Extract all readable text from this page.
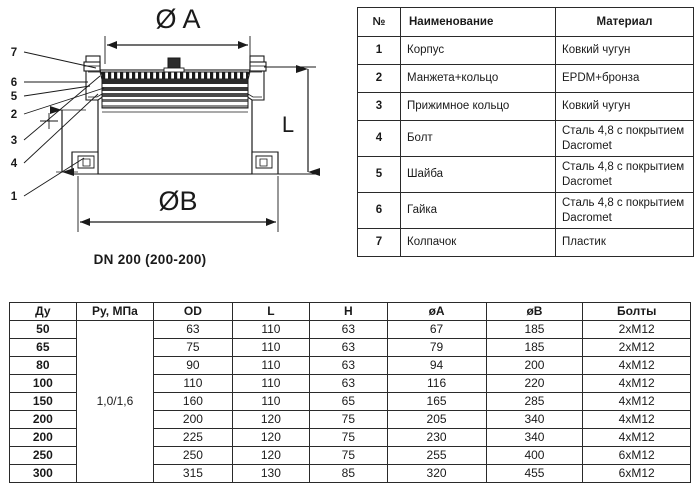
Ø A
ØB
L
7
6
5
2
3
4
1
DN 200 (200-200)
№	Наименование	Материал
1	Корпус	Ковкий чугун
2	Манжета+кольцо	EPDM+бронза
3	Прижимное кольцо	Ковкий чугун
4	Болт	Сталь 4,8 с покрытием Dacromet
5	Шайба	Сталь 4,8 с покрытием Dacromet
6	Гайка	Сталь 4,8 с покрытием Dacromet
7	Колпачок	Пластик
Ду	Ру, МПа	OD	L	H	øA	øB	Болты
50	1,0/1,6	63	110	63	67	185	2хМ12
65		75	110	63	79	185	2хМ12
80		90	110	63	94	200	4хМ12
100		110	110	63	116	220	4хМ12
150		160	110	65	165	285	4хМ12
200		200	120	75	205	340	4хМ12
200		225	120	75	230	340	4хМ12
250		250	120	75	255	400	6хМ12
300		315	130	85	320	455	6хМ12
